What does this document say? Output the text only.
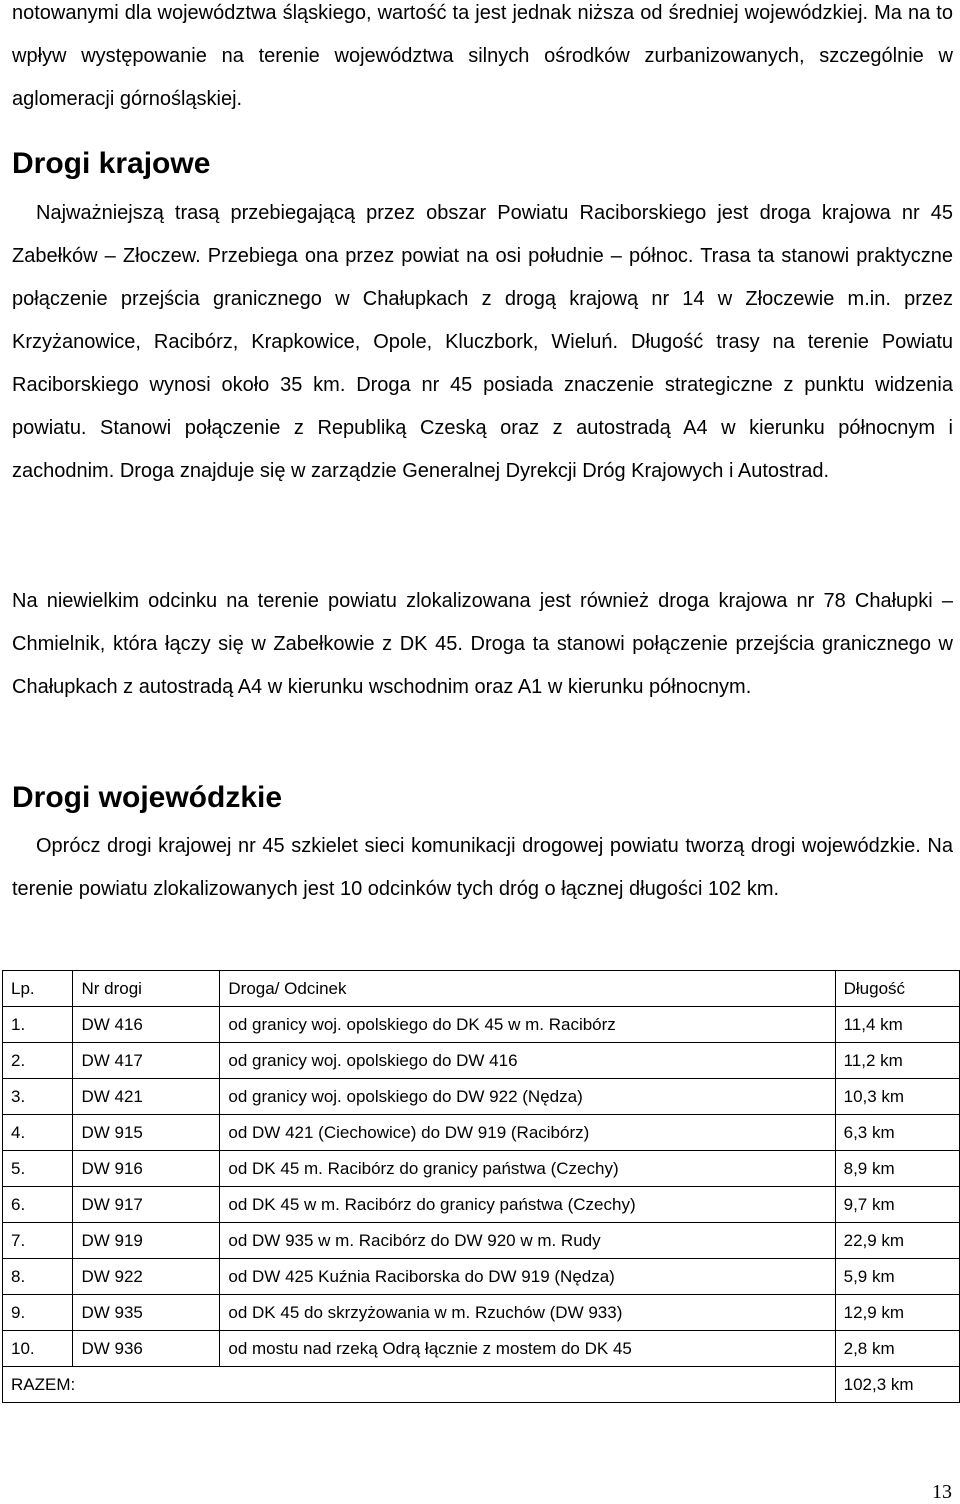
notowanymi dla województwa śląskiego, wartość ta jest jednak niższa od średniej wojewódzkiej. Ma na to wpływ występowanie na terenie województwa silnych ośrodków zurbanizowanych, szczególnie w aglomeracji górnośląskiej.

Drogi krajowe

Najważniejszą trasą przebiegającą przez obszar Powiatu Raciborskiego jest droga krajowa nr 45 Zabełków – Złoczew. Przebiega ona przez powiat na osi południe – północ. Trasa ta stanowi praktyczne połączenie przejścia granicznego w Chałupkach z drogą krajową nr 14 w Złoczewie m.in. przez Krzyżanowice, Racibórz, Krapkowice, Opole, Kluczbork, Wieluń. Długość trasy na terenie Powiatu Raciborskiego wynosi około 35 km. Droga nr 45 posiada znaczenie strategiczne z punktu widzenia powiatu. Stanowi połączenie z Republiką Czeską oraz z autostradą A4 w kierunku północnym i zachodnim. Droga znajduje się w zarządzie Generalnej Dyrekcji Dróg Krajowych i Autostrad.

Na niewielkim odcinku na terenie powiatu zlokalizowana jest również droga krajowa nr 78 Chałupki – Chmielnik, która łączy się w Zabełkowie z DK 45. Droga ta stanowi połączenie przejścia granicznego w Chałupkach z autostradą A4 w kierunku wschodnim oraz A1 w kierunku północnym.

Drogi wojewódzkie

Oprócz drogi krajowej nr 45 szkielet sieci komunikacji drogowej powiatu tworzą drogi wojewódzkie. Na terenie powiatu zlokalizowanych jest 10 odcinków tych dróg o łącznej długości 102 km.

Lp.	Nr drogi	Droga/ Odcinek	Długość
1.	DW 416	od granicy woj. opolskiego do DK 45 w m. Racibórz	11,4 km
2.	DW 417	od granicy woj. opolskiego do DW 416	11,2 km
3.	DW 421	od granicy woj. opolskiego do DW 922 (Nędza)	10,3 km
4.	DW 915	od DW 421 (Ciechowice) do DW 919 (Racibórz)	6,3 km
5.	DW 916	od DK 45 m. Racibórz do granicy państwa (Czechy)	8,9 km
6.	DW 917	od DK 45 w m. Racibórz do granicy państwa (Czechy)	9,7 km
7.	DW 919	od DW 935 w m. Racibórz do DW 920 w m. Rudy	22,9 km
8.	DW 922	od DW 425 Kuźnia Raciborska do DW 919 (Nędza)	5,9 km
9.	DW 935	od DK 45 do skrzyżowania w m. Rzuchów (DW 933)	12,9 km
10.	DW 936	od mostu nad rzeką Odrą łącznie z mostem do DK 45	2,8 km
RAZEM:			102,3 km
13
